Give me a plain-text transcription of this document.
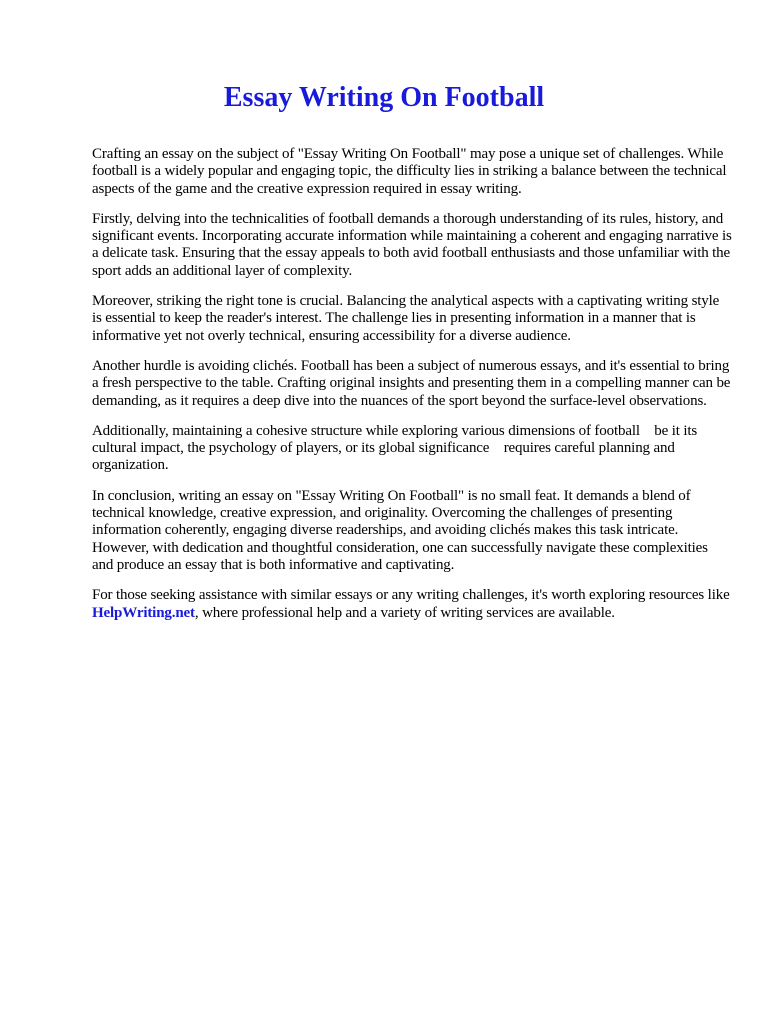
Essay Writing On Football

Crafting an essay on the subject of "Essay Writing On Football" may pose a unique set of challenges. While football is a widely popular and engaging topic, the difficulty lies in striking a balance between the technical aspects of the game and the creative expression required in essay writing.

Firstly, delving into the technicalities of football demands a thorough understanding of its rules, history, and significant events. Incorporating accurate information while maintaining a coherent and engaging narrative is a delicate task. Ensuring that the essay appeals to both avid football enthusiasts and those unfamiliar with the sport adds an additional layer of complexity.

Moreover, striking the right tone is crucial. Balancing the analytical aspects with a captivating writing style is essential to keep the reader's interest. The challenge lies in presenting information in a manner that is informative yet not overly technical, ensuring accessibility for a diverse audience.

Another hurdle is avoiding clichés. Football has been a subject of numerous essays, and it's essential to bring a fresh perspective to the table. Crafting original insights and presenting them in a compelling manner can be demanding, as it requires a deep dive into the nuances of the sport beyond the surface-level observations.

Additionally, maintaining a cohesive structure while exploring various dimensions of football    be it its cultural impact, the psychology of players, or its global significance    requires careful planning and organization.

In conclusion, writing an essay on "Essay Writing On Football" is no small feat. It demands a blend of technical knowledge, creative expression, and originality. Overcoming the challenges of presenting information coherently, engaging diverse readerships, and avoiding clichés makes this task intricate. However, with dedication and thoughtful consideration, one can successfully navigate these complexities and produce an essay that is both informative and captivating.

For those seeking assistance with similar essays or any writing challenges, it's worth exploring resources like HelpWriting.net, where professional help and a variety of writing services are available.
